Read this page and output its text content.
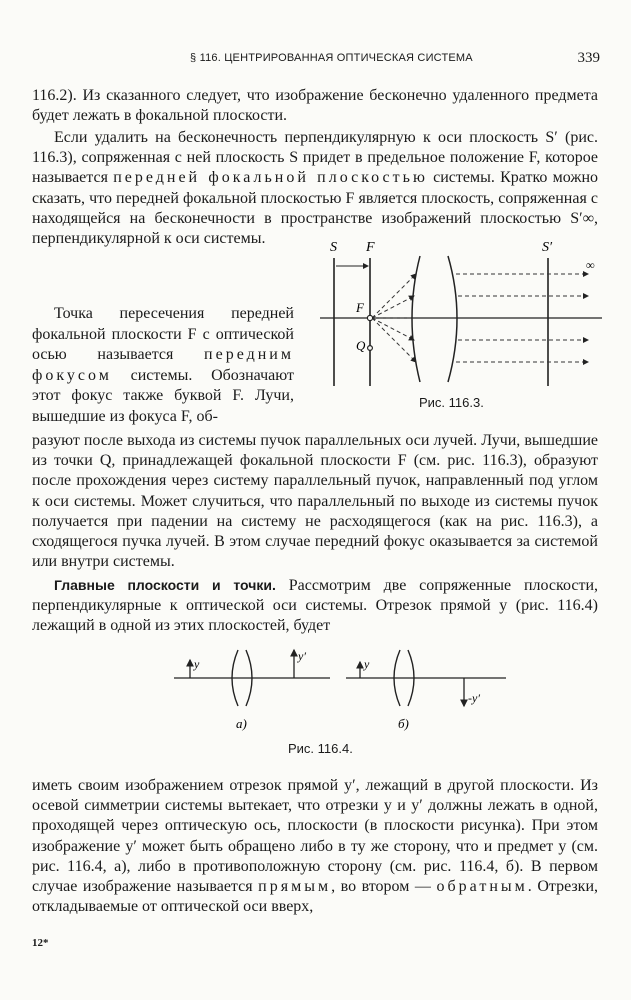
§ 116. ЦЕНТРИРОВАННАЯ ОПТИЧЕСКАЯ СИСТЕМА	339

116.2). Из сказанного следует, что изображение бесконечно удаленного предмета будет лежать в фокальной плоскости.

Если удалить на бесконечность перпендикулярную к оси плоскость S′ (рис. 116.3), сопряженная с ней плоскость S придет в предельное положение F, которое называется передней фокальной плоскостью системы. Кратко можно сказать, что передней фокальной плоскостью F является плоскость, сопряженная с находящейся на бесконечности в пространстве изображений плоскостью S′∞, перпендикулярной к оси системы.

S F	S′
F
Q
∞
Рис. 116.3.

Точка пересечения передней фокальной плоскости F с оптической осью называется передним фокусом системы. Обозначают этот фокус также буквой F. Лучи, вышедшие из фокуса F, об-

разуют после выхода из системы пучок параллельных оси лучей. Лучи, вышедшие из точки Q, принадлежащей фокальной плоскости F (см. рис. 116.3), образуют после прохождения через систему параллельный пучок, направленный под углом к оси системы. Может случиться, что параллельный по выходе из системы пучок получается при падении на систему не расходящегося (как на рис. 116.3), а сходящегося пучка лучей. В этом случае передний фокус оказывается за системой или внутри системы.

Главные плоскости и точки. Рассмотрим две сопряженные плоскости, перпендикулярные к оптической оси системы. Отрезок прямой y (рис. 116.4) лежащий в одной из этих плоскостей, будет

y
y′
а)
y
-y′
б)
Рис. 116.4.

иметь своим изображением отрезок прямой y′, лежащий в другой плоскости. Из осевой симметрии системы вытекает, что отрезки y и y′ должны лежать в одной, проходящей через оптическую ось, плоскости (в плоскости рисунка). При этом изображение y′ может быть обращено либо в ту же сторону, что и предмет y (см. рис. 116.4, а), либо в противоположную сторону (см. рис. 116.4, б). В первом случае изображение называется прямым, во втором — обратным. Отрезки, откладываемые от оптической оси вверх,

12*
